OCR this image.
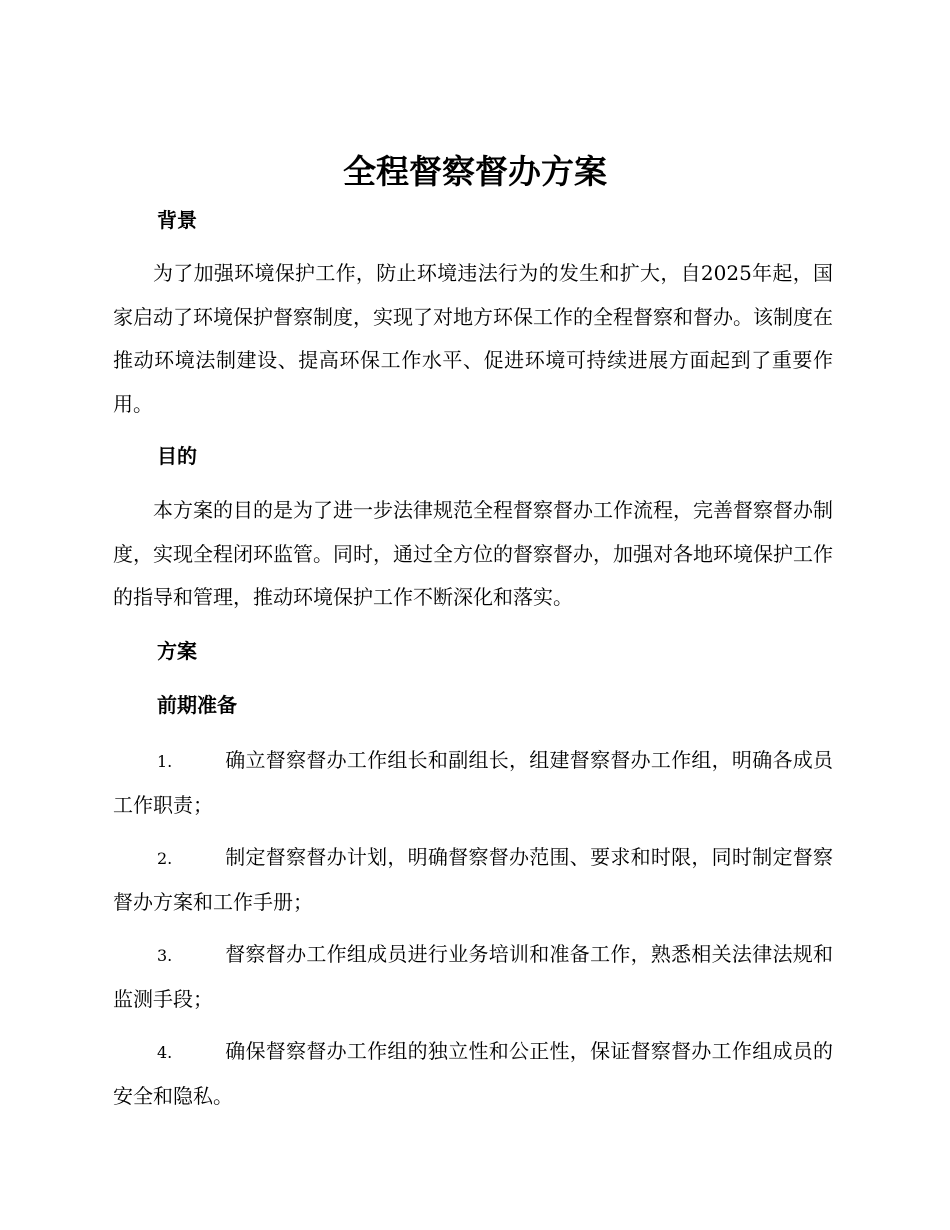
全程督察督办方案
背景

为了加强环境保护工作，防止环境违法行为的发生和扩大，自2025年起，国家启动了环境保护督察制度，实现了对地方环保工作的全程督察和督办。该制度在推动环境法制建设、提高环保工作水平、促进环境可持续进展方面起到了重要作用。

目的

本方案的目的是为了进一步法律规范全程督察督办工作流程，完善督察督办制度，实现全程闭环监管。同时，通过全方位的督察督办，加强对各地环境保护工作的指导和管理，推动环境保护工作不断深化和落实。

方案
前期准备

1.	确立督察督办工作组长和副组长，组建督察督办工作组，明确各成员工作职责；

2.	制定督察督办计划，明确督察督办范围、要求和时限，同时制定督察督办方案和工作手册；

3.	督察督办工作组成员进行业务培训和准备工作，熟悉相关法律法规和监测手段；

4.	确保督察督办工作组的独立性和公正性，保证督察督办工作组成员的安全和隐私。
